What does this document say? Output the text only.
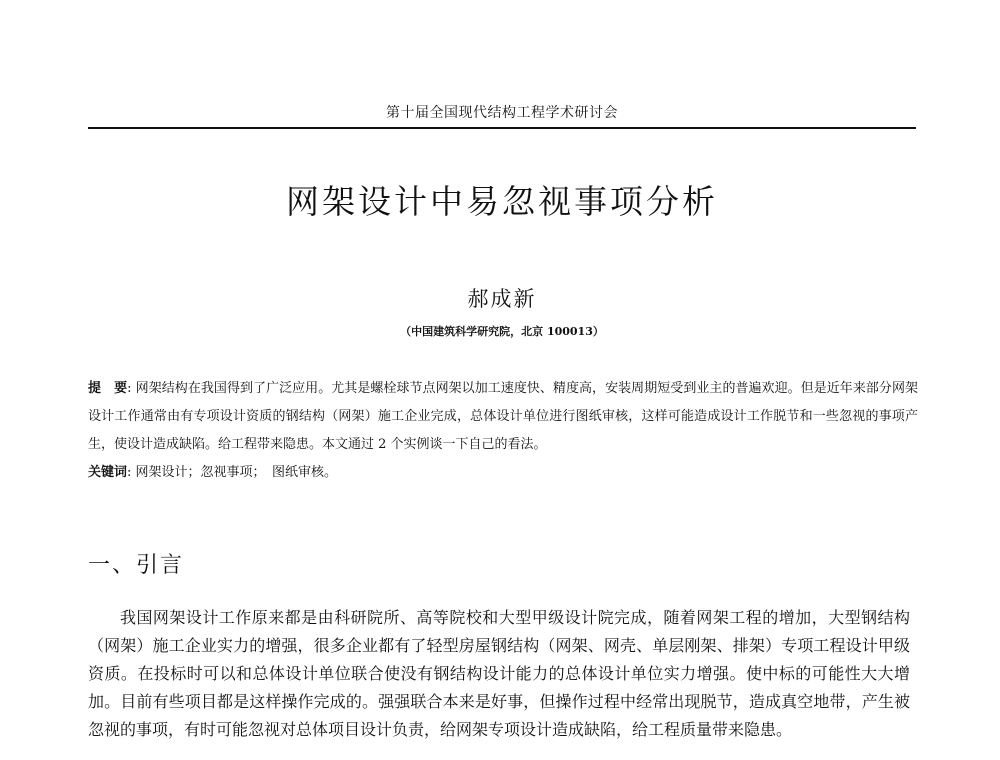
第十届全国现代结构工程学术研讨会
网架设计中易忽视事项分析
郝成新
（中国建筑科学研究院，北京 100013）
提　要: 网架结构在我国得到了广泛应用。尤其是螺栓球节点网架以加工速度快、精度高，安装周期短受到业主的普遍欢迎。但是近年来部分网架设计工作通常由有专项设计资质的钢结构（网架）施工企业完成，总体设计单位进行图纸审核，这样可能造成设计工作脱节和一些忽视的事项产生，使设计造成缺陷。给工程带来隐患。本文通过 2 个实例谈一下自己的看法。
关键词: 网架设计；忽视事项；　图纸审核。
一、引言

我国网架设计工作原来都是由科研院所、高等院校和大型甲级设计院完成，随着网架工程的增加，大型钢结构（网架）施工企业实力的增强，很多企业都有了轻型房屋钢结构（网架、网壳、单层刚架、排架）专项工程设计甲级资质。在投标时可以和总体设计单位联合使没有钢结构设计能力的总体设计单位实力增强。使中标的可能性大大增加。目前有些项目都是这样操作完成的。强强联合本来是好事，但操作过程中经常出现脱节，造成真空地带，产生被忽视的事项，有时可能忽视对总体项目设计负责，给网架专项设计造成缺陷，给工程质量带来隐患。
